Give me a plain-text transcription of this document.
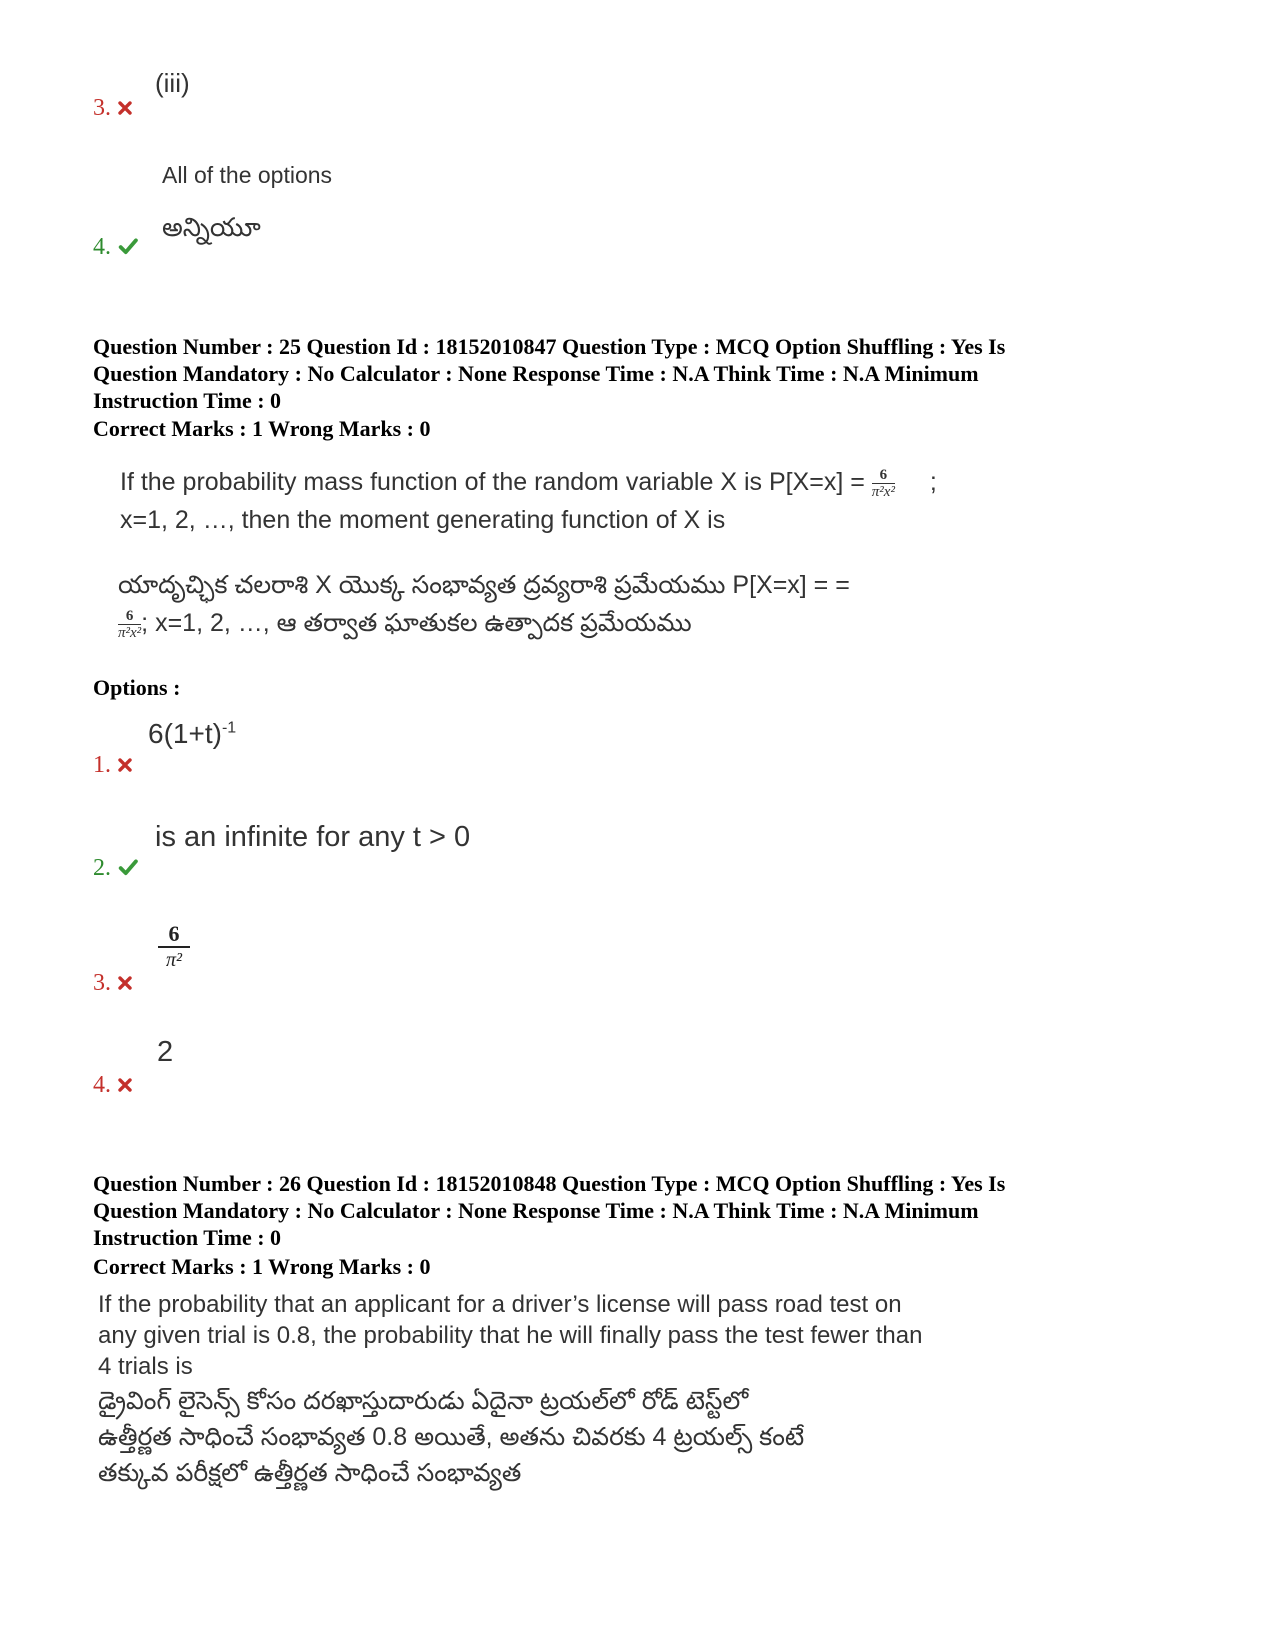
(iii)
3.
All of the options
అన్నియూ
4.
Question Number : 25 Question Id : 18152010847 Question Type : MCQ Option Shuffling : Yes Is
Question Mandatory : No Calculator : None Response Time : N.A Think Time : N.A Minimum
Instruction Time : 0
Correct Marks : 1 Wrong Marks : 0
If the probability mass function of the random variable X is $P[X=x] = \frac{6}{\text{π²x²}}$ ;
x=1, 2, …, then the moment generating function of X is
యాదృచ్ఛిక చలరాశి X యొక్క సంభావ్యత ద్రవ్యరాశి ప్రమేయము P[X=x] = =
$\frac{6}{\text{π²x²}}$ ; x=1, 2, …, ఆ తర్వాత ఘాతుకల ఉత్పాదక ప్రమేయము
Options :
$6(1+t)^{-1}$
1.
is an infinite for any t > 0
2.
6
π²
3.
2
4.
Question Number : 26 Question Id : 18152010848 Question Type : MCQ Option Shuffling : Yes Is
Question Mandatory : No Calculator : None Response Time : N.A Think Time : N.A Minimum
Instruction Time : 0
Correct Marks : 1 Wrong Marks : 0
If the probability that an applicant for a driver’s license will pass road test on
any given trial is 0.8, the probability that he will finally pass the test fewer than
4 trials is
డ్రైవింగ్ లైసెన్స్ కోసం దరఖాస్తుదారుడు ఏదైనా ట్రయల్‌లో రోడ్ టెస్ట్‌లో
ఉత్తీర్ణత సాధించే సంభావ్యత 0.8 అయితే, అతను చివరకు 4 ట్రయల్స్ కంటే
తక్కువ పరీక్షలో ఉత్తీర్ణత సాధించే సంభావ్యత
